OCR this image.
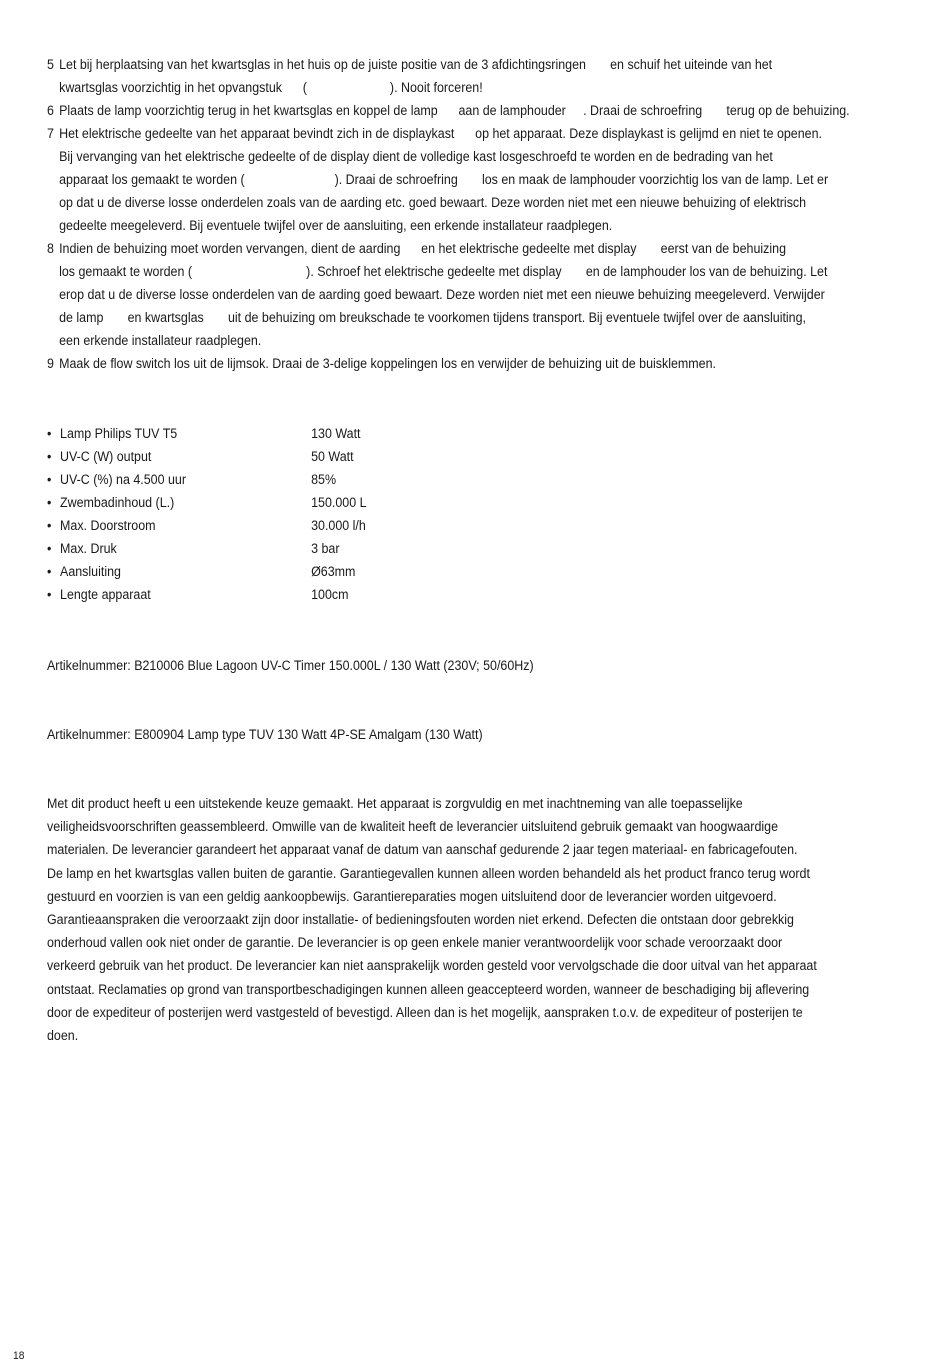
5 Let bij herplaatsing van het kwartsglas in het huis op de juiste positie van de 3 afdichtingsringen       en schuif het uiteinde van het
kwartsglas voorzichtig in het opvangstuk      (                        ). Nooit forceren!
6 Plaats de lamp voorzichtig terug in het kwartsglas en koppel de lamp      aan de lamphouder     . Draai de schroefring       terug op de behuizing.
7 Het elektrische gedeelte van het apparaat bevindt zich in de displaykast      op het apparaat. Deze displaykast is gelijmd en niet te openen.
Bij vervanging van het elektrische gedeelte of de display dient de volledige kast losgeschroefd te worden en de bedrading van het
apparaat los gemaakt te worden (                          ). Draai de schroefring       los en maak de lamphouder voorzichtig los van de lamp. Let er
op dat u de diverse losse onderdelen zoals van de aarding etc. goed bewaart. Deze worden niet met een nieuwe behuizing of elektrisch
gedeelte meegeleverd. Bij eventuele twijfel over de aansluiting, een erkende installateur raadplegen.
8 Indien de behuizing moet worden vervangen, dient de aarding      en het elektrische gedeelte met display       eerst van de behuizing
los gemaakt te worden (                                 ). Schroef het elektrische gedeelte met display       en de lamphouder los van de behuizing. Let
erop dat u de diverse losse onderdelen van de aarding goed bewaart. Deze worden niet met een nieuwe behuizing meegeleverd. Verwijder
de lamp       en kwartsglas       uit de behuizing om breukschade te voorkomen tijdens transport. Bij eventuele twijfel over de aansluiting,
een erkende installateur raadplegen.
9 Maak de flow switch los uit de lijmsok. Draai de 3-delige koppelingen los en verwijder de behuizing uit de buisklemmen.
• Lamp Philips TUV T5	130 Watt
• UV-C (W) output	50 Watt
• UV-C (%) na 4.500 uur	85%
• Zwembadinhoud (L.)	150.000 L
• Max. Doorstroom	30.000 l/h
• Max. Druk	3 bar
• Aansluiting	Ø63mm
• Lengte apparaat	100cm
Artikelnummer: B210006 Blue Lagoon UV-C Timer 150.000L / 130 Watt (230V; 50/60Hz)
Artikelnummer: E800904 Lamp type TUV 130 Watt 4P-SE Amalgam (130 Watt)
Met dit product heeft u een uitstekende keuze gemaakt. Het apparaat is zorgvuldig en met inachtneming van alle toepasselijke
veiligheidsvoorschriften geassembleerd. Omwille van de kwaliteit heeft de leverancier uitsluitend gebruik gemaakt van hoogwaardige
materialen. De leverancier garandeert het apparaat vanaf de datum van aanschaf gedurende 2 jaar tegen materiaal- en fabricagefouten.
De lamp en het kwartsglas vallen buiten de garantie. Garantiegevallen kunnen alleen worden behandeld als het product franco terug wordt
gestuurd en voorzien is van een geldig aankoopbewijs. Garantiereparaties mogen uitsluitend door de leverancier worden uitgevoerd.
Garantieaanspraken die veroorzaakt zijn door installatie- of bedieningsfouten worden niet erkend. Defecten die ontstaan door gebrekkig
onderhoud vallen ook niet onder de garantie. De leverancier is op geen enkele manier verantwoordelijk voor schade veroorzaakt door
verkeerd gebruik van het product. De leverancier kan niet aansprakelijk worden gesteld voor vervolgschade die door uitval van het apparaat
ontstaat. Reclamaties op grond van transportbeschadigingen kunnen alleen geaccepteerd worden, wanneer de beschadiging bij aflevering
door de expediteur of posterijen werd vastgesteld of bevestigd. Alleen dan is het mogelijk, aanspraken t.o.v. de expediteur of posterijen te
doen.
18
